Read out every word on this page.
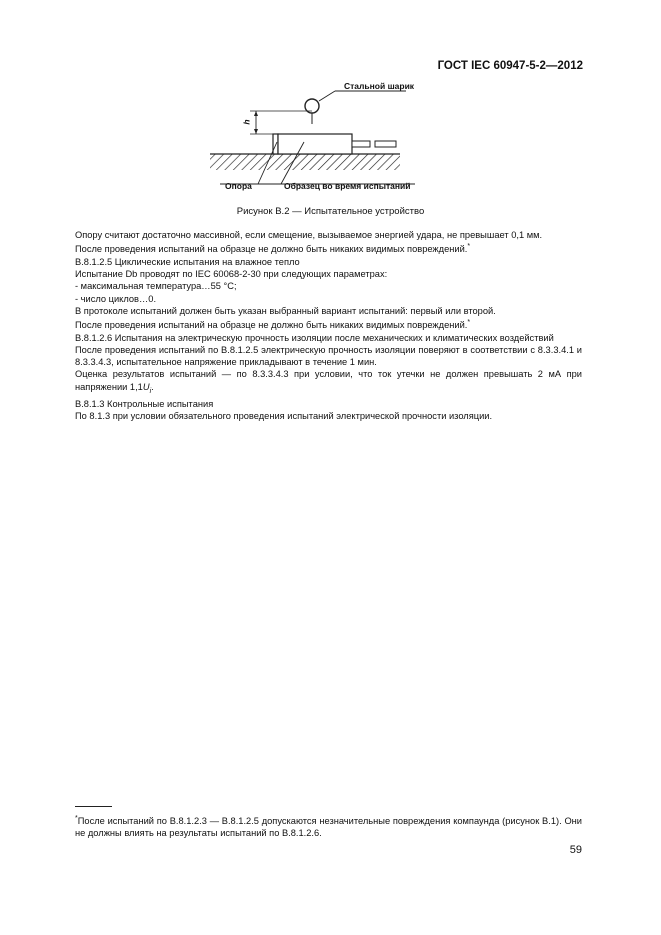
ГОСТ IEC 60947-5-2—2012
Стальной шарик
h
Опора	Образец во время испытаний
Рисунок B.2 — Испытательное устройство

Опору считают достаточно массивной, если смещение, вызываемое энергией удара, не превышает 0,1 мм.

После проведения испытаний на образце не должно быть никаких видимых повреждений.*

B.8.1.2.5 Циклические испытания на влажное тепло

Испытание Db проводят по IEC 60068-2-30 при следующих параметрах:

- максимальная температура…55 °C;

- число циклов…0.

В протоколе испытаний должен быть указан выбранный вариант испытаний: первый или второй.

После проведения испытаний на образце не должно быть никаких видимых повреждений.*

B.8.1.2.6 Испытания на электрическую прочность изоляции после механических и климатических воздействий

После проведения испытаний по B.8.1.2.5 электрическую прочность изоляции поверяют в соответствии с 8.3.3.4.1 и 8.3.3.4.3, испытательное напряжение прикладывают в течение 1 мин.

Оценка результатов испытаний — по 8.3.3.4.3 при условии, что ток утечки не должен превышать 2 мА при напряжении $1,1U_i$.

B.8.1.3 Контрольные испытания

По 8.1.3 при условии обязательного проведения испытаний электрической прочности изоляции.

*После испытаний по B.8.1.2.3 — B.8.1.2.5 допускаются незначительные повреждения компаунда (рисунок B.1). Они не должны влиять на результаты испытаний по B.8.1.2.6.
59
